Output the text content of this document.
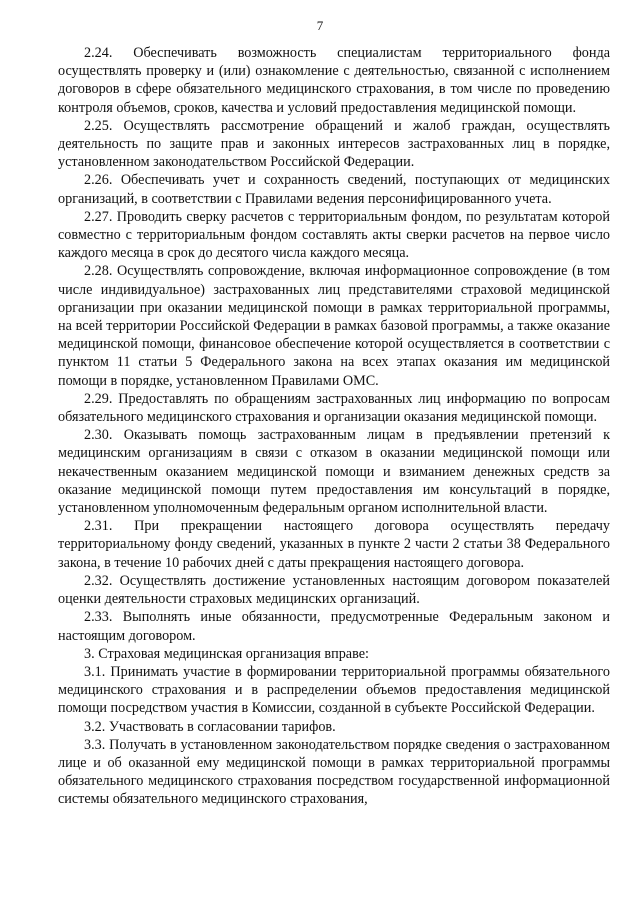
7

2.24. Обеспечивать возможность специалистам территориального фонда осуществлять проверку и (или) ознакомление с деятельностью, связанной с исполнением договоров в сфере обязательного медицинского страхования, в том числе по проведению контроля объемов, сроков, качества и условий предоставления медицинской помощи.

2.25. Осуществлять рассмотрение обращений и жалоб граждан, осуществлять деятельность по защите прав и законных интересов застрахованных лиц в порядке, установленном законодательством Российской Федерации.

2.26. Обеспечивать учет и сохранность сведений, поступающих от медицинских организаций, в соответствии с Правилами ведения персонифицированного учета.

2.27. Проводить сверку расчетов с территориальным фондом, по результатам которой совместно с территориальным фондом составлять акты сверки расчетов на первое число каждого месяца в срок до десятого числа каждого месяца.

2.28. Осуществлять сопровождение, включая информационное сопровождение (в том числе индивидуальное) застрахованных лиц представителями страховой медицинской организации при оказании медицинской помощи в рамках территориальной программы, на всей территории Российской Федерации в рамках базовой программы, а также оказание медицинской помощи, финансовое обеспечение которой осуществляется в соответствии с пунктом 11 статьи 5 Федерального закона на всех этапах оказания им медицинской помощи в порядке, установленном Правилами ОМС.

2.29. Предоставлять по обращениям застрахованных лиц информацию по вопросам обязательного медицинского страхования и организации оказания медицинской помощи.

2.30. Оказывать помощь застрахованным лицам в предъявлении претензий к медицинским организациям в связи с отказом в оказании медицинской помощи или некачественным оказанием медицинской помощи и взиманием денежных средств за оказание медицинской помощи путем предоставления им консультаций в порядке, установленном уполномоченным федеральным органом исполнительной власти.

2.31. При прекращении настоящего договора осуществлять передачу территориальному фонду сведений, указанных в пункте 2 части 2 статьи 38 Федерального закона, в течение 10 рабочих дней с даты прекращения настоящего договора.

2.32. Осуществлять достижение установленных настоящим договором показателей оценки деятельности страховых медицинских организаций.

2.33. Выполнять иные обязанности, предусмотренные Федеральным законом и настоящим договором.

3. Страховая медицинская организация вправе:

3.1. Принимать участие в формировании территориальной программы обязательного медицинского страхования и в распределении объемов предоставления медицинской помощи посредством участия в Комиссии, созданной в субъекте Российской Федерации.

3.2. Участвовать в согласовании тарифов.

3.3. Получать в установленном законодательством порядке сведения о застрахованном лице и об оказанной ему медицинской помощи в рамках территориальной программы обязательного медицинского страхования посредством государственной информационной системы обязательного медицинского страхования,
